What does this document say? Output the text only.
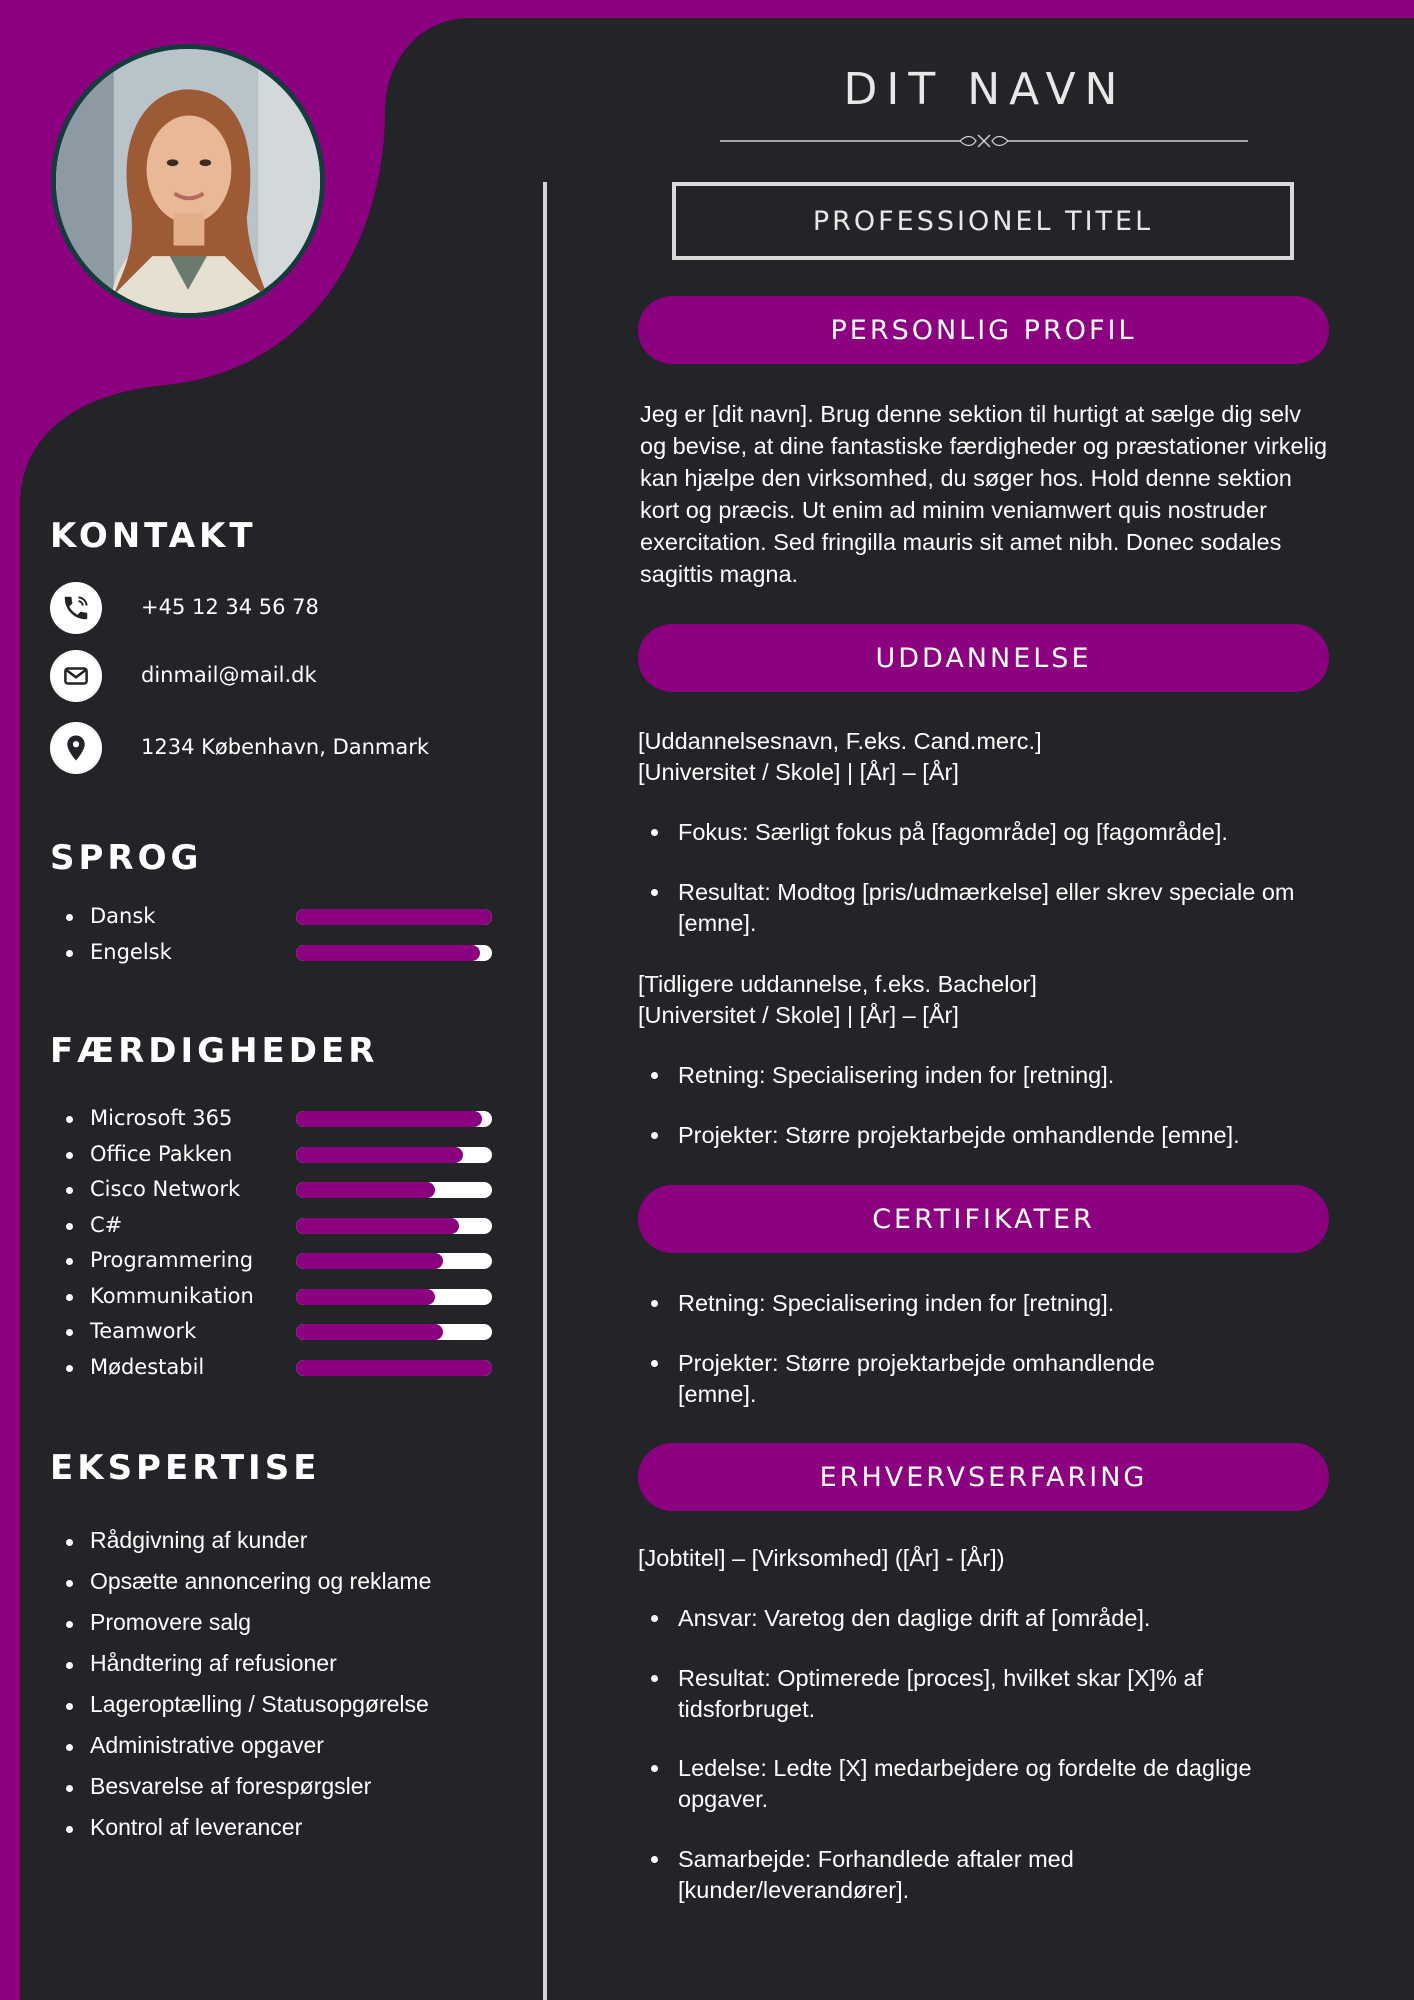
KONTAKT
+45 12 34 56 78
dinmail@mail.dk
1234 København, Danmark
SPROG
Dansk
Engelsk
FÆRDIGHEDER
Microsoft 365
Office Pakken
Cisco Network
C#
Programmering
Kommunikation
Teamwork
Mødestabil
EKSPERTISE
Rådgivning af kunder
Opsætte annoncering og reklame
Promovere salg
Håndtering af refusioner
Lageroptælling / Statusopgørelse
Administrative opgaver
Besvarelse af forespørgsler
Kontrol af leverancer
DIT NAVN
PROFESSIONEL TITEL
PERSONLIG PROFIL

Jeg er [dit navn]. Brug denne sektion til hurtigt at sælge dig selv og bevise, at dine fantastiske færdigheder og præstationer virkelig kan hjælpe den virksomhed, du søger hos. Hold denne sektion kort og præcis. Ut enim ad minim veniamwert quis nostruder exercitation. Sed fringilla mauris sit amet nibh. Donec sodales sagittis magna.

UDDANNELSE

[Uddannelsesnavn, F.eks. Cand.merc.]

[Universitet / Skole] | [År] – [År]

Fokus: Særligt fokus på [fagområde] og [fagområde].
Resultat: Modtog [pris/udmærkelse] eller skrev speciale om [emne].

[Tidligere uddannelse, f.eks. Bachelor]

[Universitet / Skole] | [År] – [År]

Retning: Specialisering inden for [retning].
Projekter: Større projektarbejde omhandlende [emne].
CERTIFIKATER
Retning: Specialisering inden for [retning].
Projekter: Større projektarbejde omhandlende [emne].
ERHVERVSERFARING

[Jobtitel] – [Virksomhed] ([År] - [År])

Ansvar: Varetog den daglige drift af [område].
Resultat: Optimerede [proces], hvilket skar [X]% af tidsforbruget.
Ledelse: Ledte [X] medarbejdere og fordelte de daglige opgaver.
Samarbejde: Forhandlede aftaler med [kunder/leverandører].
